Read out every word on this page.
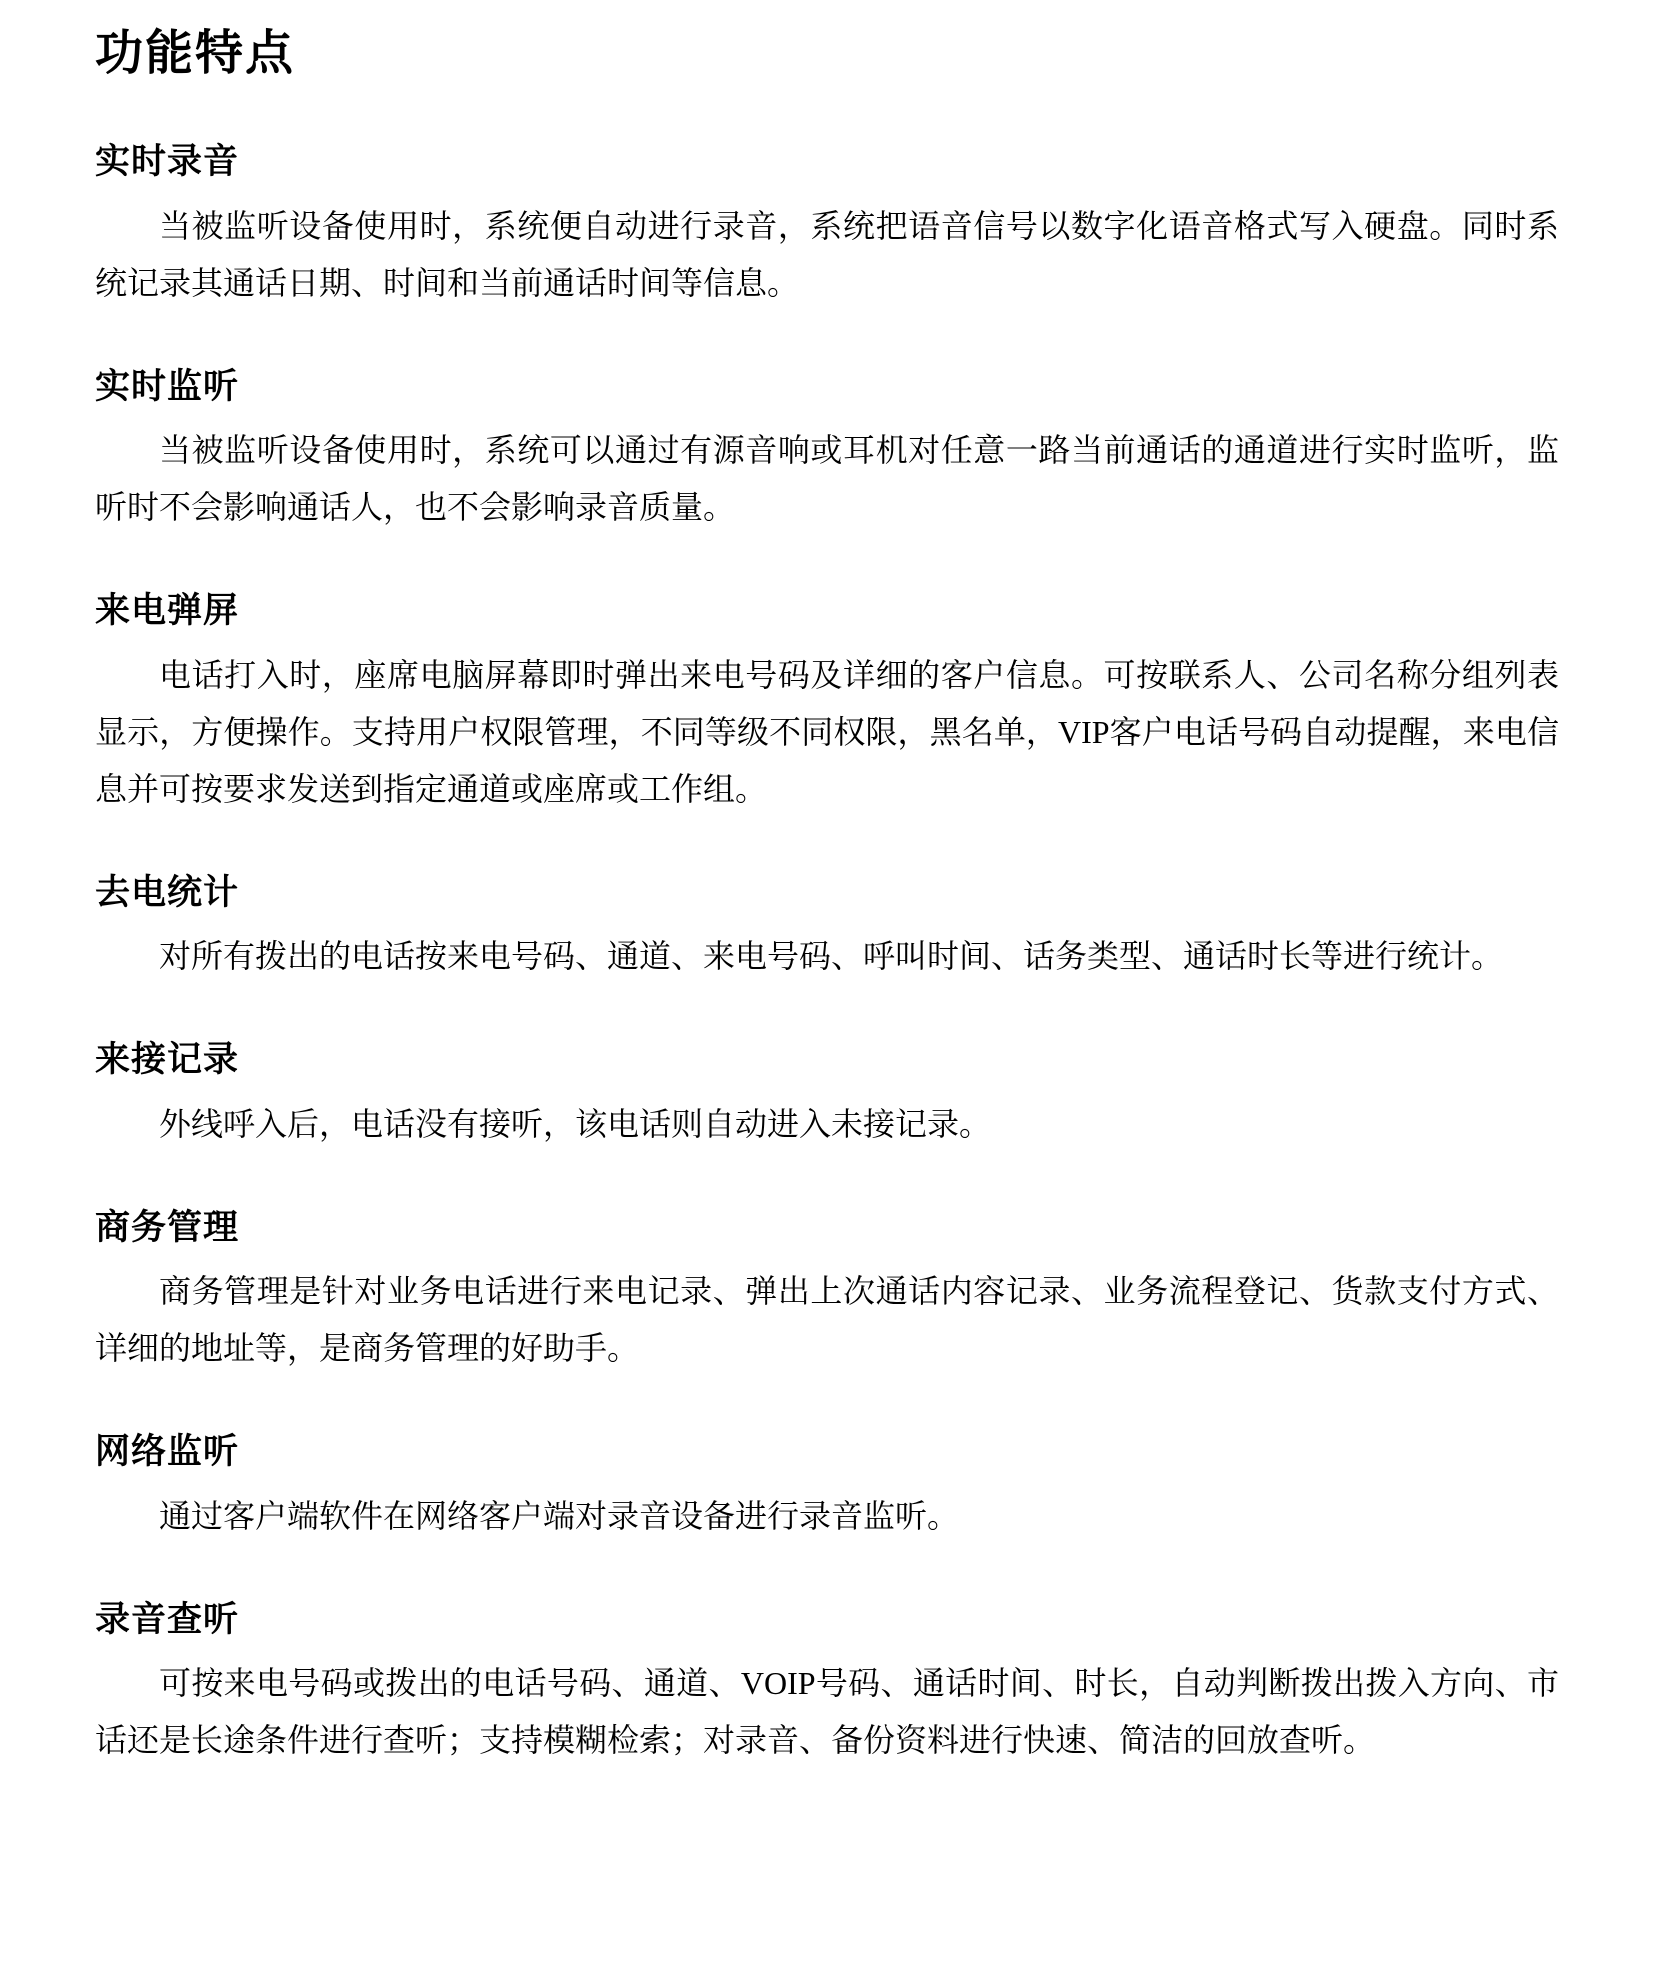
功能特点
实时录音

当被监听设备使用时，系统便自动进行录音，系统把语音信号以数字化语音格式写入硬盘。同时系统记录其通话日期、时间和当前通话时间等信息。

实时监听

当被监听设备使用时，系统可以通过有源音响或耳机对任意一路当前通话的通道进行实时监听，监听时不会影响通话人，也不会影响录音质量。

来电弹屏

电话打入时，座席电脑屏幕即时弹出来电号码及详细的客户信息。可按联系人、公司名称分组列表显示，方便操作。支持用户权限管理，不同等级不同权限，黑名单，VIP客户电话号码自动提醒，来电信息并可按要求发送到指定通道或座席或工作组。

去电统计

对所有拨出的电话按来电号码、通道、来电号码、呼叫时间、话务类型、通话时长等进行统计。

来接记录

外线呼入后，电话没有接听，该电话则自动进入未接记录。

商务管理

商务管理是针对业务电话进行来电记录、弹出上次通话内容记录、业务流程登记、货款支付方式、详细的地址等，是商务管理的好助手。

网络监听

通过客户端软件在网络客户端对录音设备进行录音监听。

录音查听

可按来电号码或拨出的电话号码、通道、VOIP号码、通话时间、时长，自动判断拨出拨入方向、市话还是长途条件进行查听；支持模糊检索；对录音、备份资料进行快速、简洁的回放查听。
